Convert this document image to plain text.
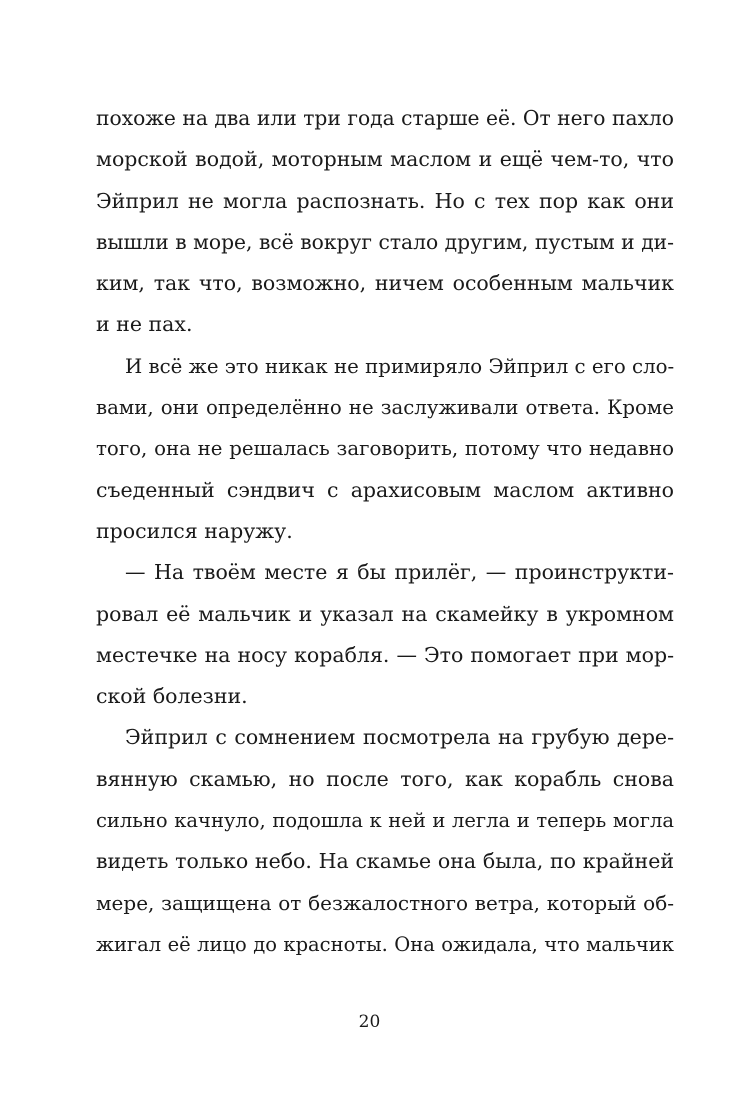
похоже на два или три года старше её. От него пахло
морской водой, моторным маслом и ещё чем-то, что
Эйприл не могла распознать. Но с тех пор как они
вышли в море, всё вокруг стало другим, пустым и ди-
ким, так что, возможно, ничем особенным мальчик
и не пах.
И всё же это никак не примиряло Эйприл с его сло-
вами, они определённо не заслуживали ответа. Кроме
того, она не решалась заговорить, потому что недавно
съеденный сэндвич с арахисовым маслом активно
просился наружу.
— На твоём месте я бы прилёг, — проинструкти-
ровал её мальчик и указал на скамейку в укромном
местечке на носу корабля. — Это помогает при мор-
ской болезни.
Эйприл с сомнением посмотрела на грубую дере-
вянную скамью, но после того, как корабль снова
сильно качнуло, подошла к ней и легла и теперь могла
видеть только небо. На скамье она была, по крайней
мере, защищена от безжалостного ветра, который об-
жигал её лицо до красноты. Она ожидала, что мальчик
20
